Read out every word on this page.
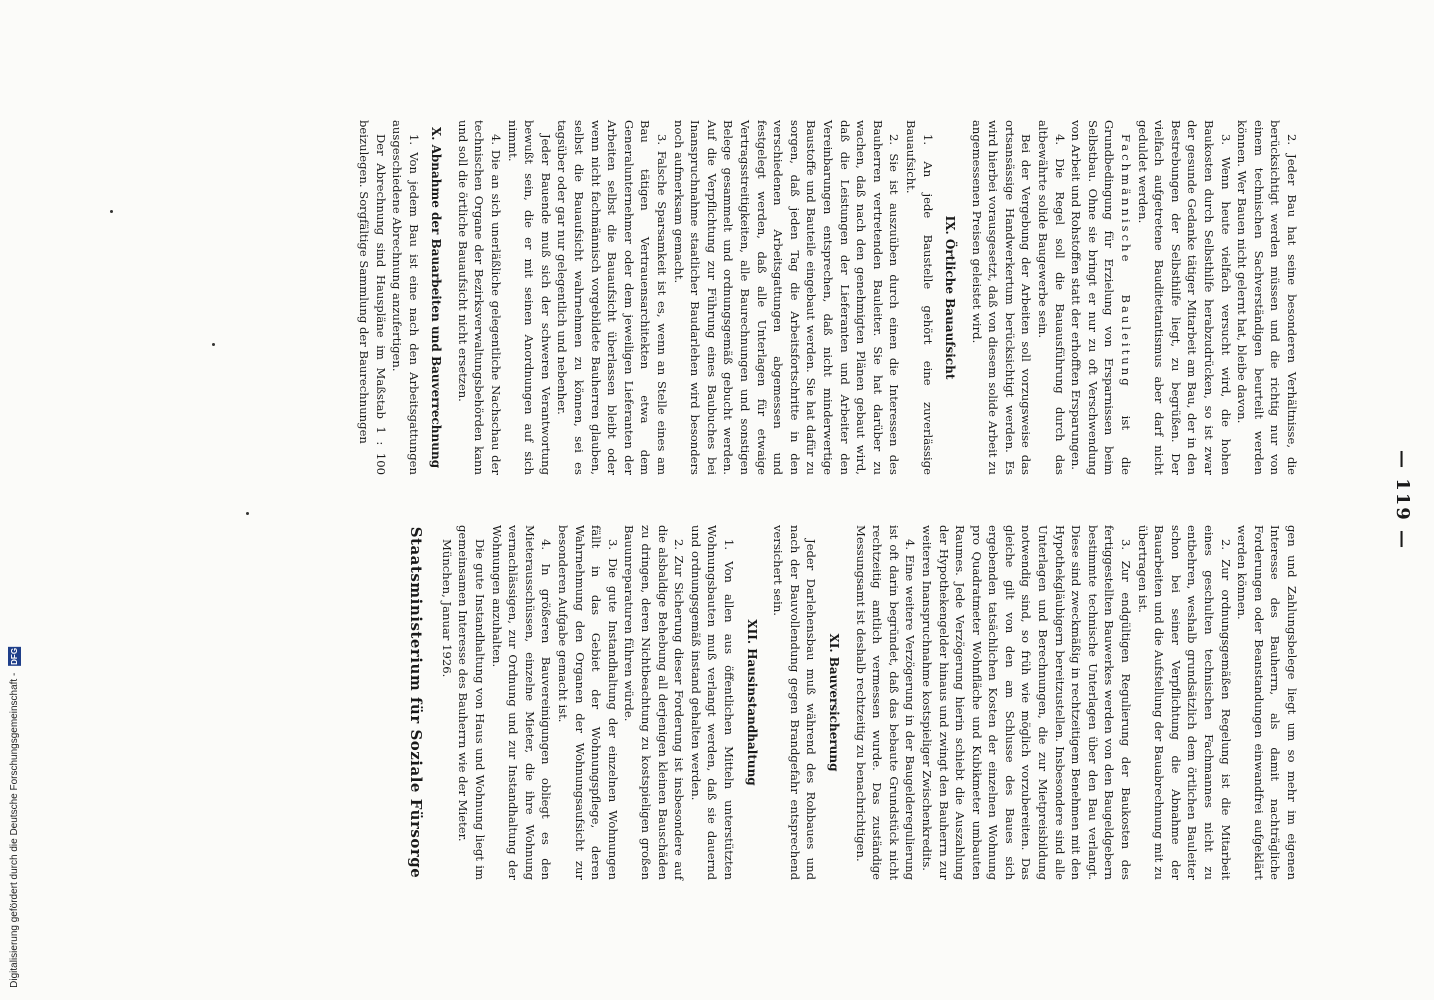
Digitalisierung gefördert durch die Deutsche Forschungsgemeinschaft - DFG
— 119 —

2. Jeder Bau hat seine besonderen Verhältnisse, die berücksichtigt werden müssen und die richtig nur von einem technischen Sachverständigen beurteilt werden können. Wer Bauen nicht gelernt hat, bleibe davon.

3. Wenn heute vielfach versucht wird, die hohen Baukosten durch Selbsthilfe herabzudrücken, so ist zwar der gesunde Gedanke tätiger Mitarbeit am Bau, der in den Bestrebungen der Selbsthilfe liegt, zu begrüßen. Der vielfach aufgetretene Bauditettantismus aber darf nicht geduldet werden.

Fachmännische Bauleitung ist die Grundbedingung für Erzielung von Ersparnissen beim Selbstbau. Ohne sie bringt er nur zu oft Verschwendung von Arbeit und Rohstoffen statt der erhofften Ersparungen.

4. Die Regel soll die Bauausführung durch das altbewährte solide Baugewerbe sein.

Bei der Vergebung der Arbeiten soll vorzugsweise das ortsansässige Handwerkertum berücksichtigt werden. Es wird hierbei vorausgesetzt, daß von diesem solide Arbeit zu angemessenen Preisen geleistet wird.

IX. Örtliche Bauaufsicht

1. An jede Baustelle gehört eine zuverlässige Bauaufsicht.

2. Sie ist auszuüben durch einen die Interessen des Bauherren vertretenden Bauleiter. Sie hat darüber zu wachen, daß nach den genehmigten Plänen gebaut wird, daß die Leistungen der Lieferanten und Arbeiter den Vereinbarungen entsprechen, daß nicht minderwertige Baustoffe und Bauteile eingebaut werden. Sie hat dafür zu sorgen, daß jeden Tag die Arbeitsfortschritte in den verschiedenen Arbeitsgattungen abgemessen und festgelegt werden, daß alle Unterlagen für etwaige Vertragsstreitigkeiten, alle Baurechnungen und sonstigen Belege gesammelt und ordnungsgemäß gebucht werden. Auf die Verpflichtung zur Führung eines Baubuches bei Inanspruchnahme staatlicher Baudarlehen wird besonders noch aufmerksam gemacht.

3. Falsche Sparsamkeit ist es, wenn an Stelle eines am Bau tätigen Vertrauensarchitekten etwa dem Generalunternehmer oder dem jeweiligen Lieferanten der Arbeiten selbst die Bauaufsicht überlassen bleibt oder wenn nicht fachmännisch vorgebildete Bauherren glauben, selbst die Bauaufsicht wahrnehmen zu können, sei es tagsüber oder gar nur gelegentlich und nebenher.

Jeder Bauende muß sich der schweren Verantwortung bewußt sein, die er mit seinen Anordnungen auf sich nimmt.

4. Die an sich unerläßliche gelegentliche Nachschau der technischen Organe der Bezirksverwaltungsbehörden kann und soll die örtliche Bauaufsicht nicht ersetzen.

X. Abnahme der Bauarbeiten und Bauverrechnung

1. Von jedem Bau ist eine nach den Arbeitsgattungen ausgeschiedene Abrechnung anzufertigen.

Der Abrechnung sind Hauspläne im Maßstab 1 : 100 beizulegen. Sorgfältige Sammlung der Baurechnungen

gen und Zahlungsbelege liegt um so mehr im eigenen Interesse des Bauherrn, als damit nachträgliche Forderungen oder Beanstandungen einwandfrei aufgeklärt werden können.

2. Zur ordnungsgemäßen Regelung ist die Mitarbeit eines geschulten technischen Fachmannes nicht zu entbehren, weshalb grundsätzlich dem örtlichen Bauleiter schon bei seiner Verpflichtung die Abnahme der Bauarbeiten und die Aufstellung der Bauabrechnung mit zu übertragen ist.

3. Zur endgültigen Regulierung der Baukosten des fertiggestellten Bauwerkes werden von den Baugeldgebern bestimmte technische Unterlagen über den Bau verlangt. Diese sind zweckmäßig in rechtzeitigem Benehmen mit den Hypothekgläubigern bereitzustellen. Insbesondere sind alle Unterlagen und Berechnungen, die zur Mietpreisbildung notwendig sind, so früh wie möglich vorzubereiten. Das gleiche gilt von den am Schlusse des Baues sich ergebenden tatsächlichen Kosten der einzelnen Wohnung pro Quadratmeter Wohnfläche und Kubikmeter umbauten Raumes. Jede Verzögerung hierin schiebt die Auszahlung der Hypothekengelder hinaus und zwingt den Bauherrn zur weiteren Inanspruchnahme kostspieliger Zwischenkredits.

4. Eine weitere Verzögerung in der Baugelderegulierung ist oft darin begründet, daß das bebaute Grundstück nicht rechtzeitig amtlich vermessen wurde. Das zuständige Messungsamt ist deshalb rechtzeitig zu benachrichtigen.

XI. Bauversicherung

Jeder Darlehensbau muß während des Rohbaues und nach der Bauvollendung gegen Brandgefahr entsprechend versichert sein.

XII. Hausinstandhaltung

1. Von allen aus öffentlichen Mitteln unterstützten Wohnungsbauten muß verlangt werden, daß sie dauernd und ordnungsgemäß instand gehalten werden.

2. Zur Sicherung dieser Forderung ist insbesondere auf die alsbaldige Behebung all derjenigen kleinen Bauschäden zu dringen, deren Nichtbeachtung zu kostspieligen großen Bauunreparaturen führen würde.

3. Die gute Instandhaltung der einzelnen Wohnungen fällt in das Gebiet der Wohnungspflege, deren Wahrnehmung den Organen der Wohnungsaufsicht zur besonderen Aufgabe gemacht ist.

4. In größeren Bauvereinigungen obliegt es den Mieterausschüssen, einzelne Mieter, die ihre Wohnung vernachlässigen, zur Ordnung und zur Instandhaltung der Wohnungen anzuhalten.

Die gute Instandhaltung von Haus und Wohnung liegt im gemeinsamen Interesse des Bauherrn wie der Mieter.

München, Januar 1926.

Staatsministerium für Soziale Fürsorge
